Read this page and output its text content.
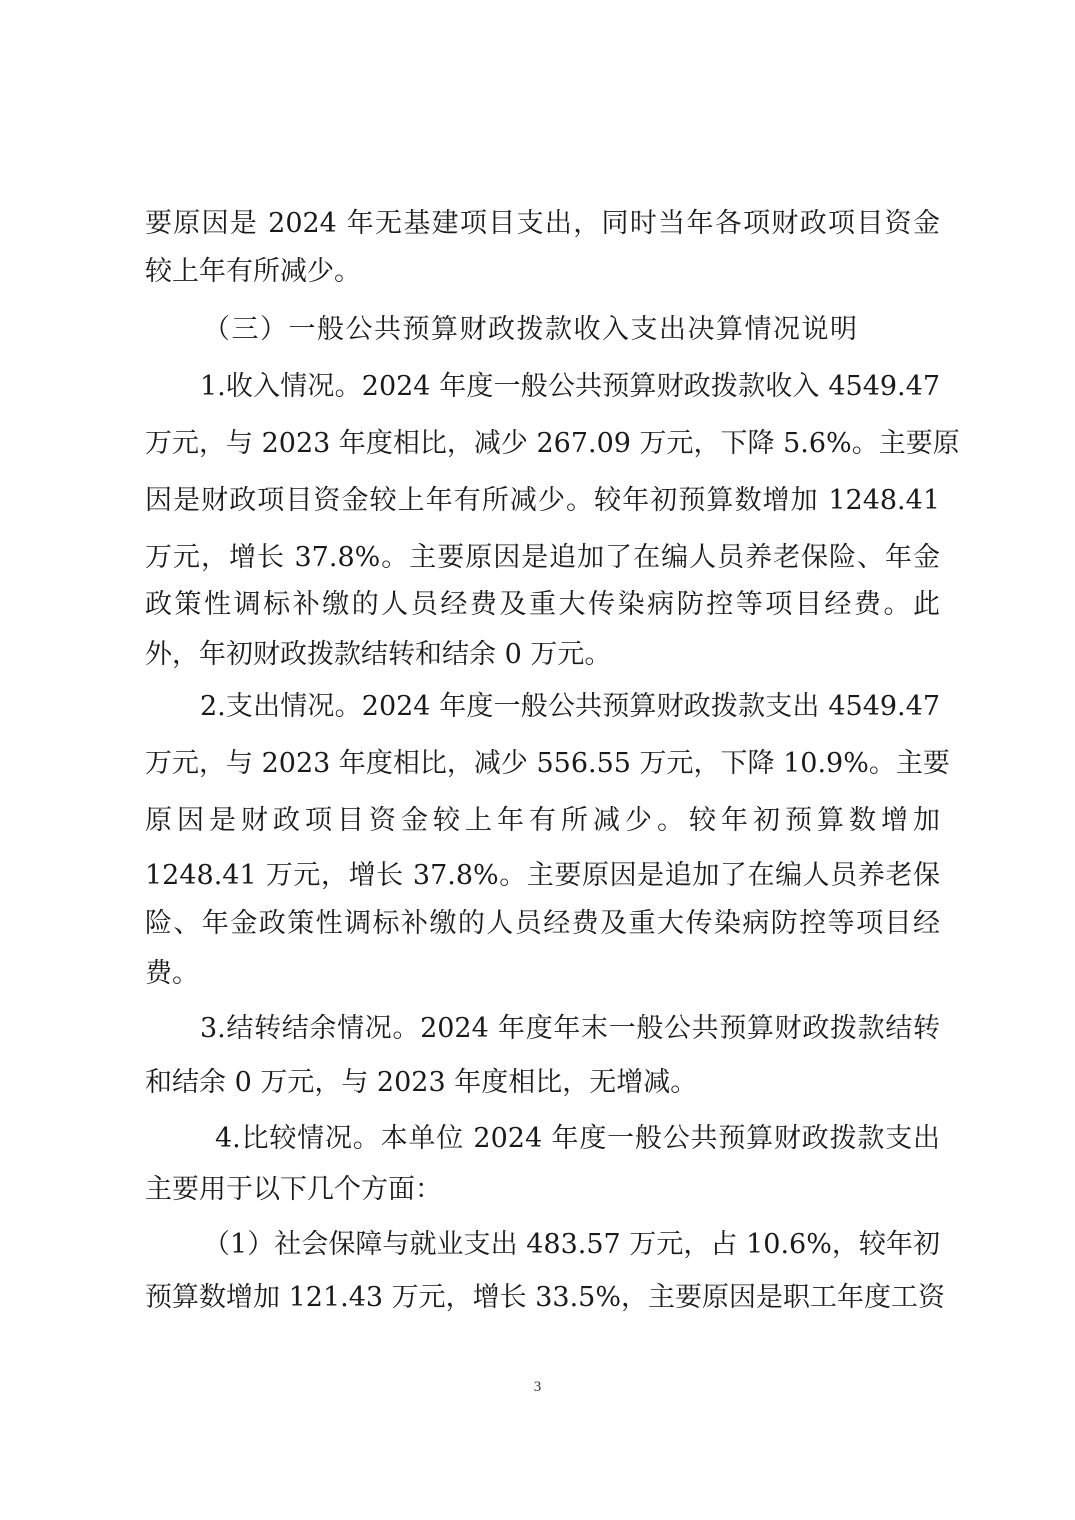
要原因是 2024 年无基建项目支出，同时当年各项财政项目资金
较上年有所减少。
（三）一般公共预算财政拨款收入支出决算情况说明
1.收入情况。2024 年度一般公共预算财政拨款收入 4549.47
万元，与 2023 年度相比，减少 267.09 万元，下降 5.6%。主要原
因是财政项目资金较上年有所减少。较年初预算数增加 1248.41
万元，增长 37.8%。主要原因是追加了在编人员养老保险、年金
政策性调标补缴的人员经费及重大传染病防控等项目经费。此
外，年初财政拨款结转和结余 0 万元。
2.支出情况。2024 年度一般公共预算财政拨款支出 4549.47
万元，与 2023 年度相比，减少 556.55 万元，下降 10.9%。主要
原因是财政项目资金较上年有所减少。较年初预算数增加
1248.41 万元，增长 37.8%。主要原因是追加了在编人员养老保
险、年金政策性调标补缴的人员经费及重大传染病防控等项目经
费。
3.结转结余情况。2024 年度年末一般公共预算财政拨款结转
和结余 0 万元，与 2023 年度相比，无增减。
4.比较情况。本单位 2024 年度一般公共预算财政拨款支出
主要用于以下几个方面：
（1）社会保障与就业支出 483.57 万元，占 10.6%，较年初
预算数增加 121.43 万元，增长 33.5%，主要原因是职工年度工资
3
